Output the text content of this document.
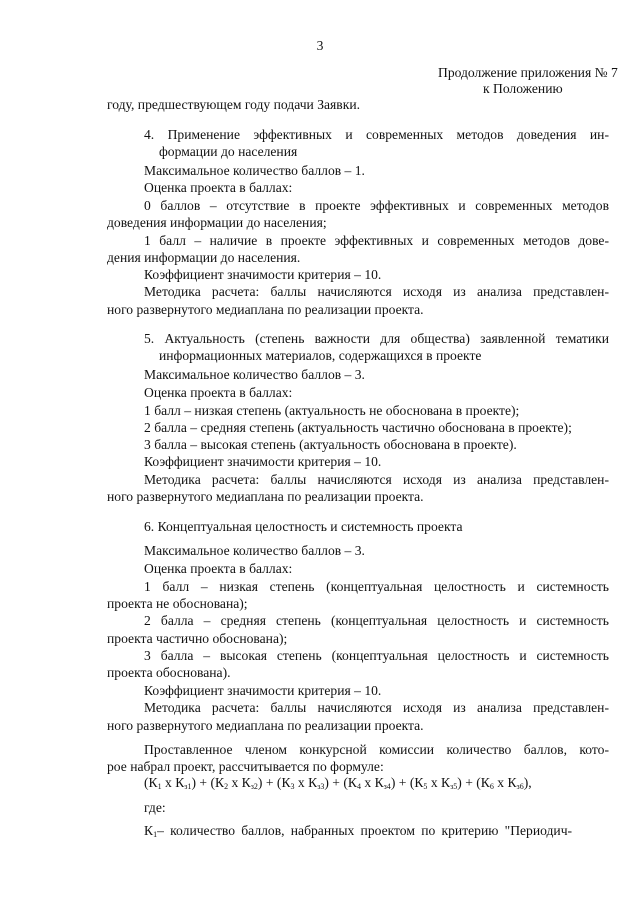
3
Продолжение приложения № 7
к Положению
году, предшествующем году подачи Заявки.
4. Применение эффективных и современных методов доведения ин-
формации до населения
Максимальное количество баллов – 1.
Оценка проекта в баллах:
0 баллов – отсутствие в проекте эффективных и современных методов
доведения информации до населения;
1 балл – наличие в проекте эффективных и современных методов дове-
дения информации до населения.
Коэффициент значимости критерия – 10.
Методика расчета: баллы начисляются исходя из анализа представлен-
ного развернутого медиаплана по реализации проекта.
5. Актуальность (степень важности для общества) заявленной тематики
информационных материалов, содержащихся в проекте
Максимальное количество баллов – 3.
Оценка проекта в баллах:
1 балл – низкая степень (актуальность не обоснована в проекте);
2 балла – средняя степень (актуальность частично обоснована в проекте);
3 балла – высокая степень (актуальность обоснована в проекте).
Коэффициент значимости критерия – 10.
Методика расчета: баллы начисляются исходя из анализа представлен-
ного развернутого медиаплана по реализации проекта.
6. Концептуальная целостность и системность проекта
Максимальное количество баллов – 3.
Оценка проекта в баллах:
1 балл – низкая степень (концептуальная целостность и системность
проекта не обоснована);
2 балла – средняя степень (концептуальная целостность и системность
проекта частично обоснована);
3 балла – высокая степень (концептуальная целостность и системность
проекта обоснована).
Коэффициент значимости критерия – 10.
Методика расчета: баллы начисляются исходя из анализа представлен-
ного развернутого медиаплана по реализации проекта.
Проставленное членом конкурсной комиссии количество баллов, кото-
рое набрал проект, рассчитывается по формуле:
($К_1$ х $К_{з1}) + (К_2$ х $К_{з2}) + (К_3$ х $К_{з3}) + (К_4$ х $К_{з4}) + (К_5$ х $К_{з5}) + (К_6$ х $К_{з6}$),
где:
$К_1-$ количество баллов, набранных проектом по критерию "Периодич-
